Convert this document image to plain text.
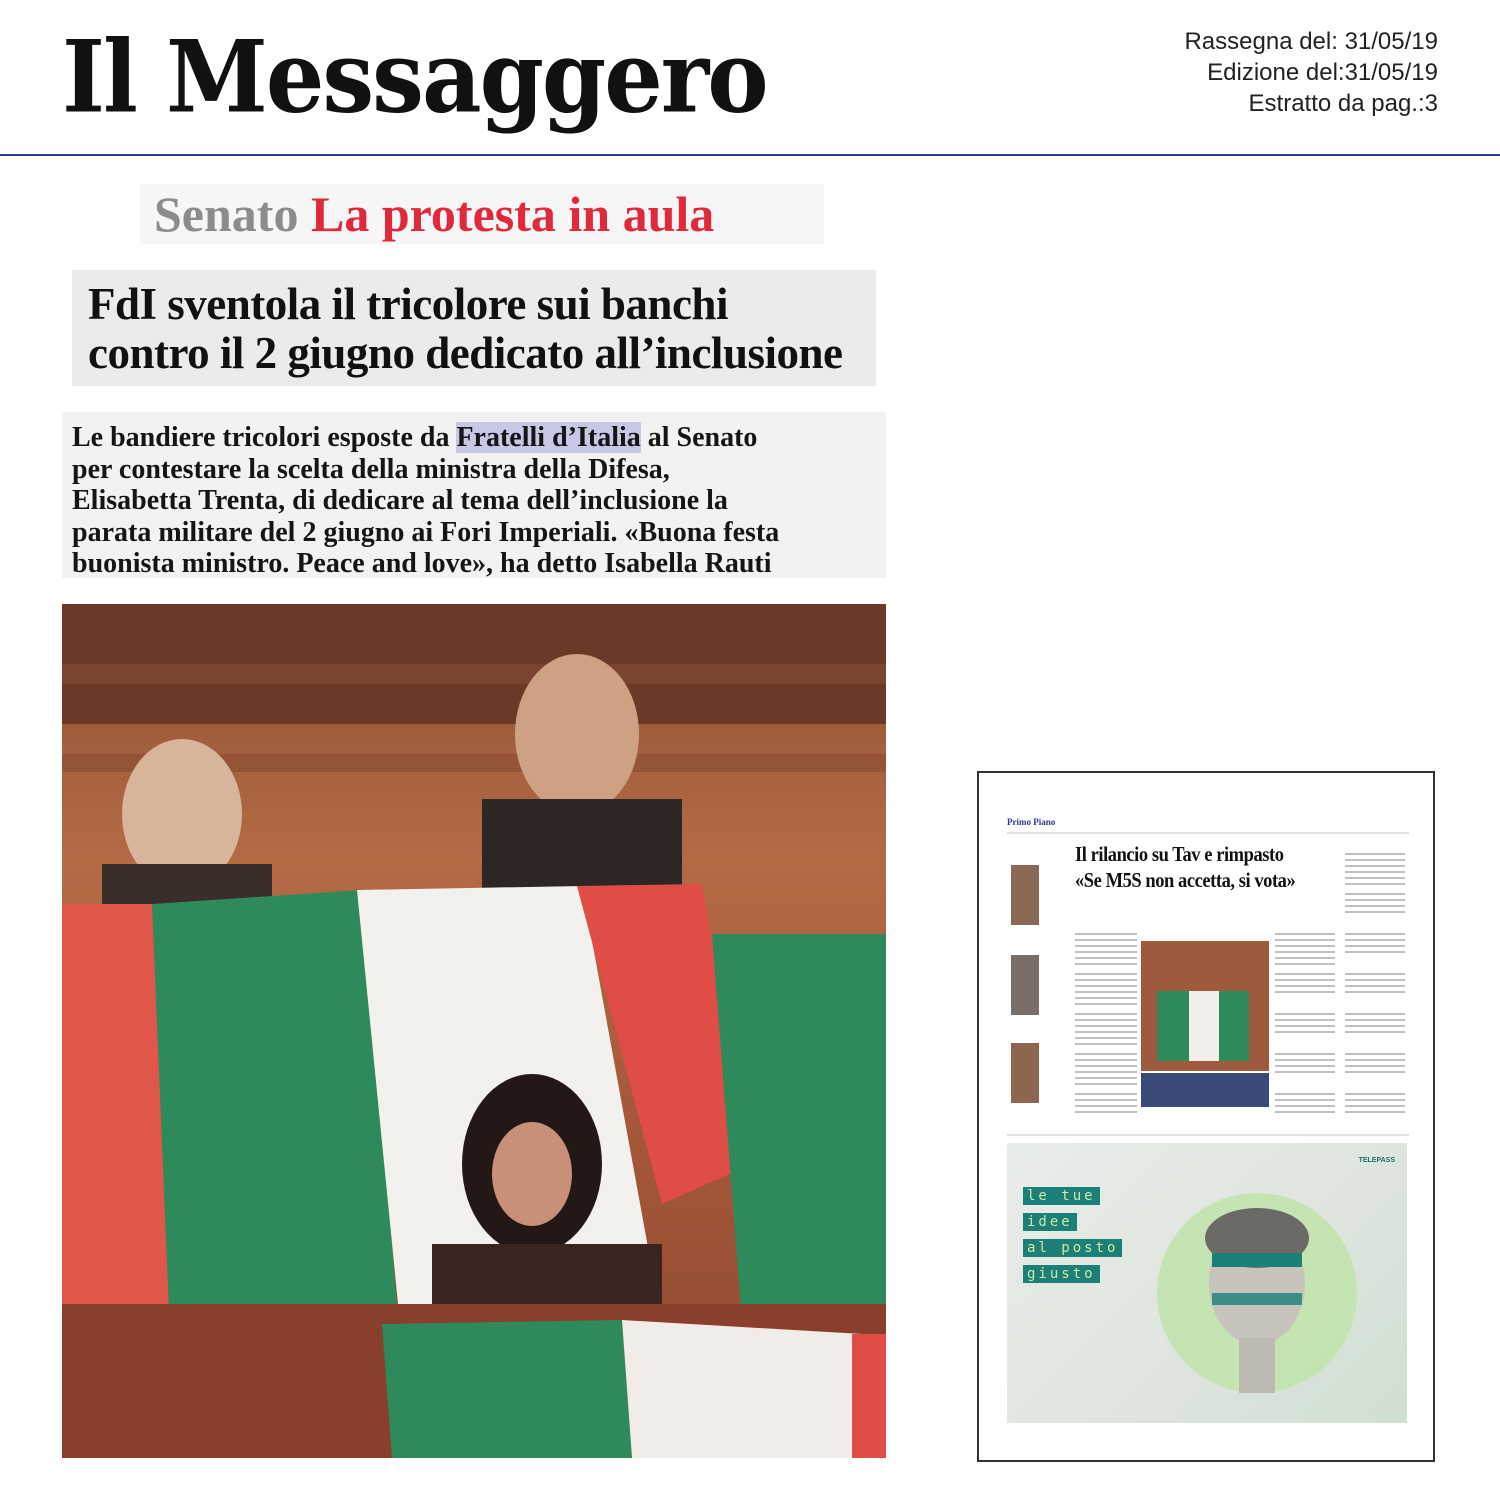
Il Messaggero	Rassegna del: 31/05/19
Edizione del:31/05/19
Estratto da pag.:3
Senato La protesta in aula
FdI sventola il tricolore sui banchi
contro il 2 giugno dedicato all’inclusione
Le bandiere tricolori esposte da Fratelli d’Italia al Senato
per contestare la scelta della ministra della Difesa,
Elisabetta Trenta, di dedicare al tema dell’inclusione la
parata militare del 2 giugno ai Fori Imperiali. «Buona festa
buonista ministro. Peace and love», ha detto Isabella Rauti
Primo Piano
Il rilancio su Tav e rimpasto
«Se M5S non accetta, si vota»
TELEPASS
le tue
idee
al posto
giusto
